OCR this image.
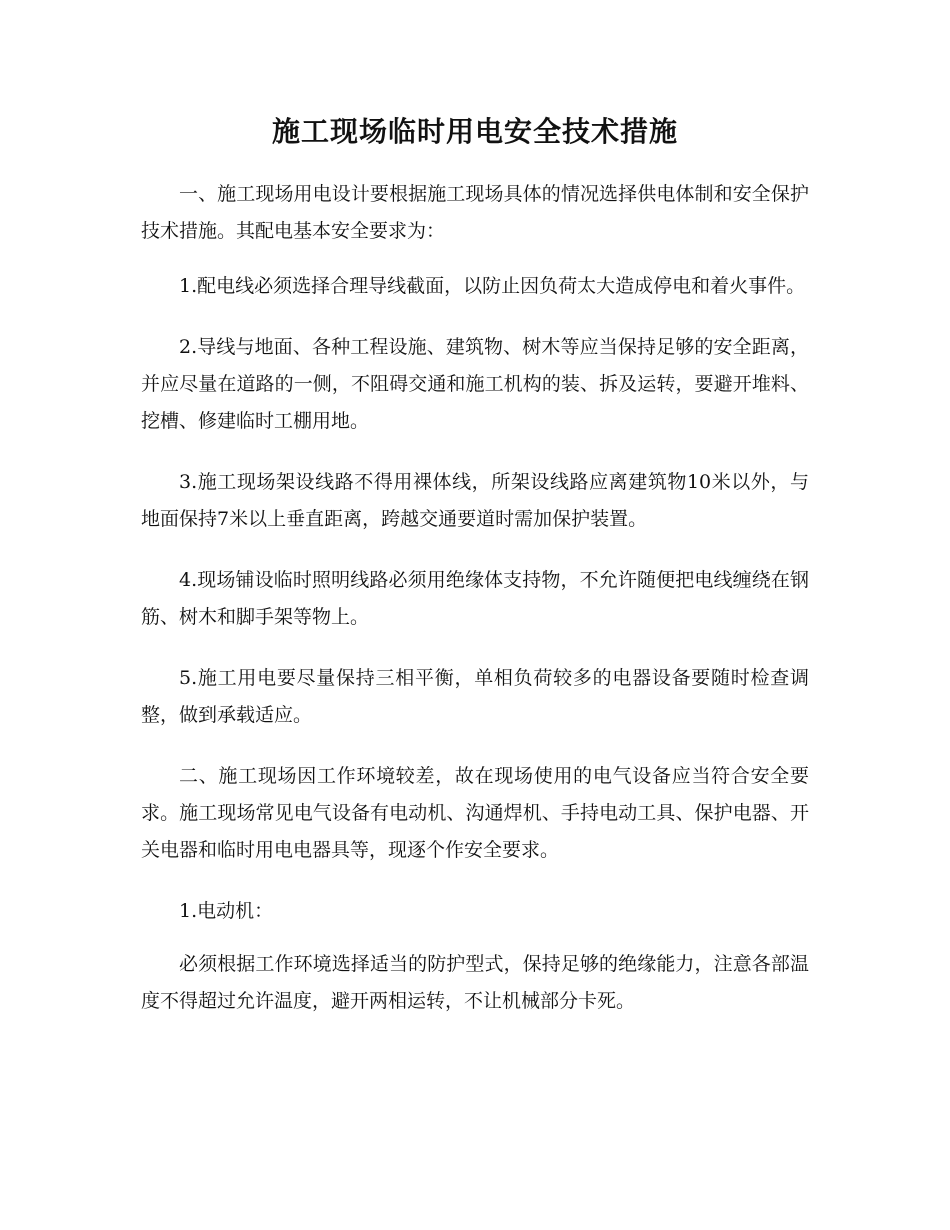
施工现场临时用电安全技术措施

一、施工现场用电设计要根据施工现场具体的情况选择供电体制和安全保护技术措施。其配电基本安全要求为：

1.配电线必须选择合理导线截面，以防止因负荷太大造成停电和着火事件。

2.导线与地面、各种工程设施、建筑物、树木等应当保持足够的安全距离，并应尽量在道路的一侧，不阻碍交通和施工机构的装、拆及运转，要避开堆料、挖槽、修建临时工棚用地。

3.施工现场架设线路不得用裸体线，所架设线路应离建筑物10米以外，与地面保持7米以上垂直距离，跨越交通要道时需加保护装置。

4.现场铺设临时照明线路必须用绝缘体支持物，不允许随便把电线缠绕在钢筋、树木和脚手架等物上。

5.施工用电要尽量保持三相平衡，单相负荷较多的电器设备要随时检查调整，做到承载适应。

二、施工现场因工作环境较差，故在现场使用的电气设备应当符合安全要求。施工现场常见电气设备有电动机、沟通焊机、手持电动工具、保护电器、开关电器和临时用电电器具等，现逐个作安全要求。

1.电动机：

必须根据工作环境选择适当的防护型式，保持足够的绝缘能力，注意各部温度不得超过允许温度，避开两相运转，不让机械部分卡死。
